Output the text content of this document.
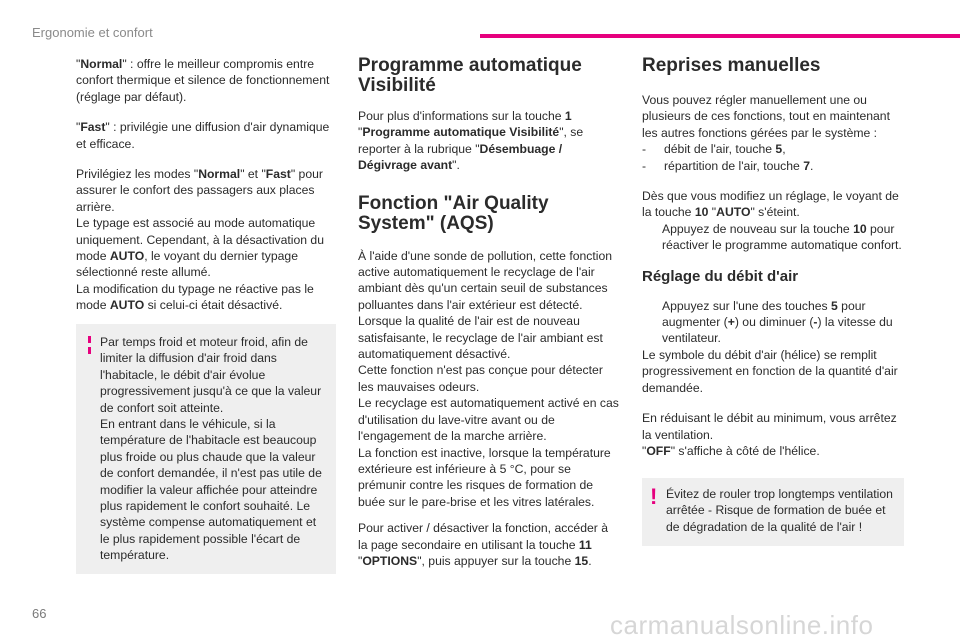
Ergonomie et confort

"Normal" : offre le meilleur compromis entre confort thermique et silence de fonctionnement (réglage par défaut).

"Fast" : privilégie une diffusion d'air dynamique et efficace.

Privilégiez les modes "Normal" et "Fast" pour assurer le confort des passagers aux places arrière.
Le typage est associé au mode automatique uniquement. Cependant, à la désactivation du mode AUTO, le voyant du dernier typage sélectionné reste allumé.
La modification du typage ne réactive pas le mode AUTO si celui-ci était désactivé.

Par temps froid et moteur froid, afin de limiter la diffusion d'air froid dans l'habitacle, le débit d'air évolue progressivement jusqu'à ce que la valeur de confort soit atteinte.
En entrant dans le véhicule, si la température de l'habitacle est beaucoup plus froide ou plus chaude que la valeur de confort demandée, il n'est pas utile de modifier la valeur affichée pour atteindre plus rapidement le confort souhaité. Le système compense automatiquement et le plus rapidement possible l'écart de température.
Programme automatique Visibilité

Pour plus d'informations sur la touche 1 "Programme automatique Visibilité", se reporter à la rubrique "Désembuage / Dégivrage avant".

Fonction "Air Quality System" (AQS)

À l'aide d'une sonde de pollution, cette fonction active automatiquement le recyclage de l'air ambiant dès qu'un certain seuil de substances polluantes dans l'air extérieur est détecté.
Lorsque la qualité de l'air est de nouveau satisfaisante, le recyclage de l'air ambiant est automatiquement désactivé.
Cette fonction n'est pas conçue pour détecter les mauvaises odeurs.
Le recyclage est automatiquement activé en cas d'utilisation du lave-vitre avant ou de l'engagement de la marche arrière.
La fonction est inactive, lorsque la température extérieure est inférieure à 5 °C, pour se prémunir contre les risques de formation de buée sur le pare-brise et les vitres latérales.

Pour activer / désactiver la fonction, accéder à la page secondaire en utilisant la touche 11 "OPTIONS", puis appuyer sur la touche 15.

Reprises manuelles

Vous pouvez régler manuellement une ou plusieurs de ces fonctions, tout en maintenant les autres fonctions gérées par le système :

-	débit de l'air, touche 5,
-	répartition de l'air, touche 7.

Dès que vous modifiez un réglage, le voyant de la touche 10 "AUTO" s'éteint.

Appuyez de nouveau sur la touche 10 pour réactiver le programme automatique confort.
Réglage du débit d'air
Appuyez sur l'une des touches 5 pour augmenter (+) ou diminuer (-) la vitesse du ventilateur.

Le symbole du débit d'air (hélice) se remplit progressivement en fonction de la quantité d'air demandée.

En réduisant le débit au minimum, vous arrêtez la ventilation.
"OFF" s'affiche à côté de l'hélice.

! Évitez de rouler trop longtemps ventilation arrêtée - Risque de formation de buée et de dégradation de la qualité de l'air !
66	carmanualsonline.info
